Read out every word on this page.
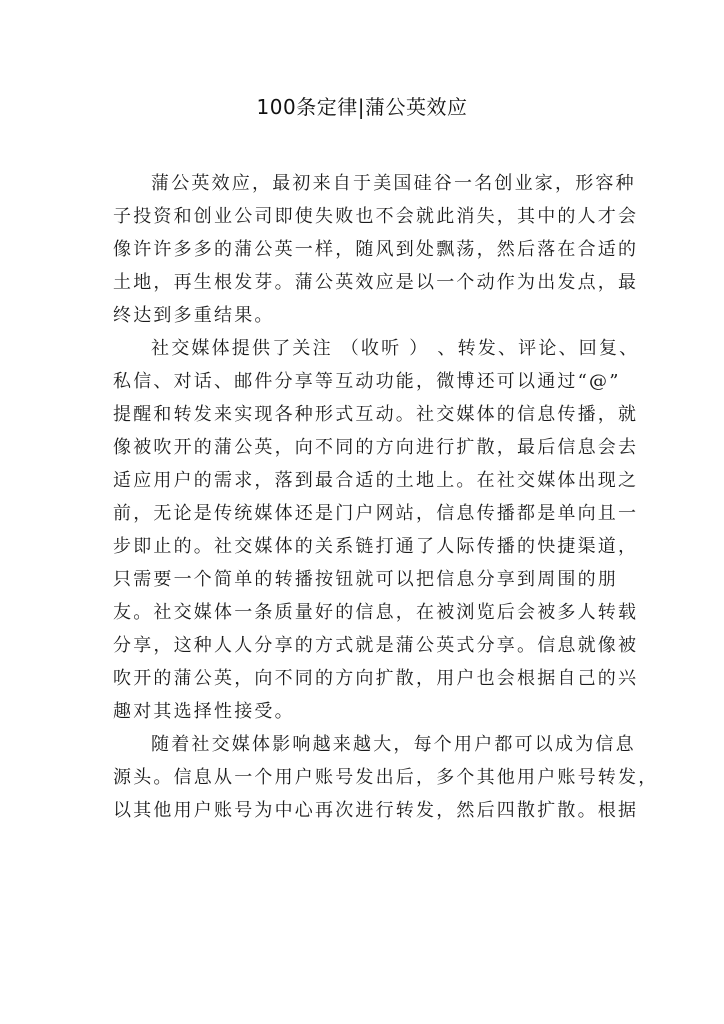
100条定律|蒲公英效应
蒲公英效应，最初来自于美国硅谷一名创业家，形容种
子投资和创业公司即使失败也不会就此消失，其中的人才会
像许许多多的蒲公英一样，随风到处飘荡，然后落在合适的
土地，再生根发芽。蒲公英效应是以一个动作为出发点，最
终达到多重结果。
社交媒体提供了关注 （收听 ） 、转发、评论、回复、
私信、对话、邮件分享等互动功能，微博还可以通过“@”
提醒和转发来实现各种形式互动。社交媒体的信息传播，就
像被吹开的蒲公英，向不同的方向进行扩散，最后信息会去
适应用户的需求，落到最合适的土地上。在社交媒体出现之
前，无论是传统媒体还是门户网站，信息传播都是单向且一
步即止的。社交媒体的关系链打通了人际传播的快捷渠道，
只需要一个简单的转播按钮就可以把信息分享到周围的朋
友。社交媒体一条质量好的信息，在被浏览后会被多人转载
分享，这种人人分享的方式就是蒲公英式分享。信息就像被
吹开的蒲公英，向不同的方向扩散，用户也会根据自己的兴
趣对其选择性接受。
随着社交媒体影响越来越大，每个用户都可以成为信息
源头。信息从一个用户账号发出后，多个其他用户账号转发，
以其他用户账号为中心再次进行转发，然后四散扩散。根据
